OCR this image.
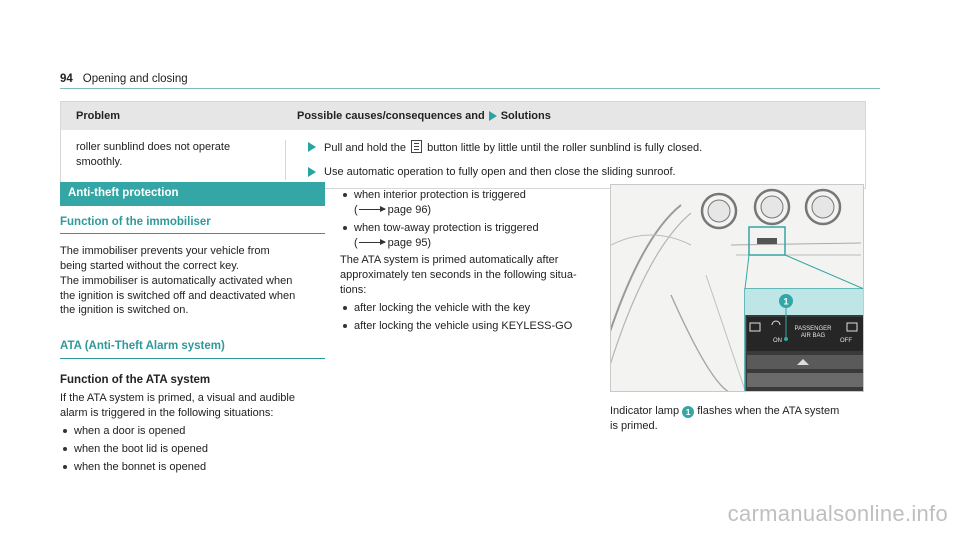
94 Opening and closing
Problem	Possible causes/consequences and Solutions
roller sunblind does not operate
smoothly.
Pull and hold the button little by little until the roller sunblind is fully closed.
Use automatic operation to fully open and then close the sliding sunroof.
Anti-theft protection
Function of the immobiliser

The immobiliser prevents your vehicle from

being started without the correct key.

The immobiliser is automatically activated when

the ignition is switched off and deactivated when

the ignition is switched on.

ATA (Anti-Theft Alarm system)
Function of the ATA system

If the ATA system is primed, a visual and audible

alarm is triggered in the following situations:

when a door is opened
when the boot lid is opened
when the bonnet is opened
when interior protection is triggered
(	page 96)
when tow-away protection is triggered
(	page 95)

The ATA system is primed automatically after

approximately ten seconds in the following situa-

tions:

after locking the vehicle with the key
after locking the vehicle using KEYLESS-GO
1
ON
PASSENGER
AIR BAG
OFF
Indicator lamp 1 flashes when the ATA system
is primed.
carmanualsonline.info
